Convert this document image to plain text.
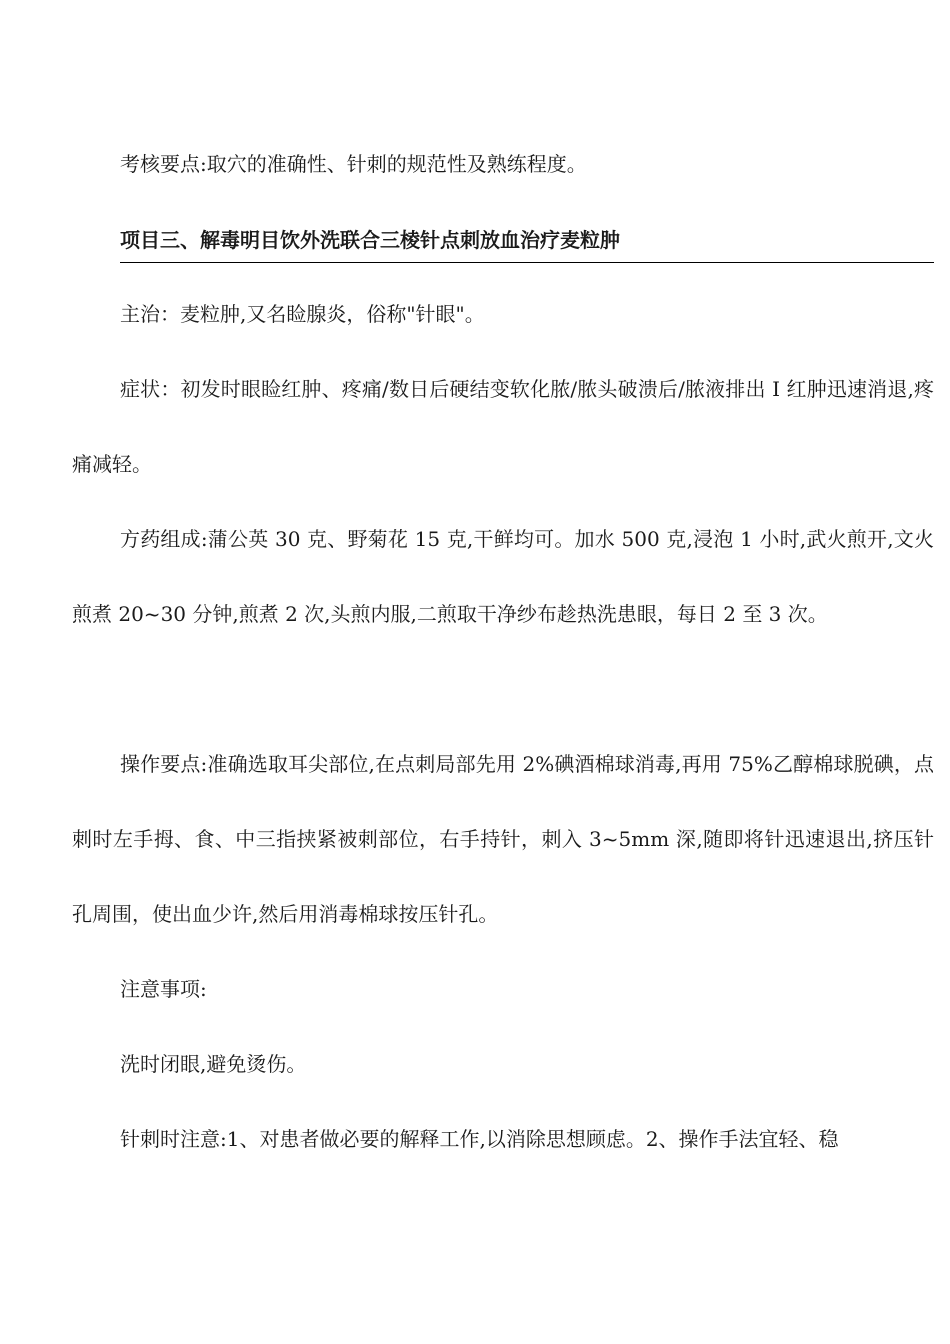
考核要点:取穴的准确性、针刺的规范性及熟练程度。

项目三、解毒明目饮外洗联合三棱针点刺放血治疗麦粒肿

主治：麦粒肿,又名睑腺炎，俗称"针眼"。

症状：初发时眼睑红肿、疼痛/数日后硬结变软化脓/脓头破溃后/脓液排出 I 红肿迅速消退,疼痛减轻。

方药组成:蒲公英 30 克、野菊花 15 克,干鲜均可。加水 500 克,浸泡 1 小时,武火煎开,文火煎煮 20~30 分钟,煎煮 2 次,头煎内服,二煎取干净纱布趁热洗患眼，每日 2 至 3 次。

操作要点:准确选取耳尖部位,在点刺局部先用 2%碘酒棉球消毒,再用 75%乙醇棉球脱碘，点刺时左手拇、食、中三指挟紧被刺部位，右手持针，刺入 3~5mm 深,随即将针迅速退出,挤压针孔周围，使出血少许,然后用消毒棉球按压针孔。

注意事项:

洗时闭眼,避免烫伤。

针刺时注意:1、对患者做必要的解释工作,以消除思想顾虑。2、操作手法宜轻、稳
